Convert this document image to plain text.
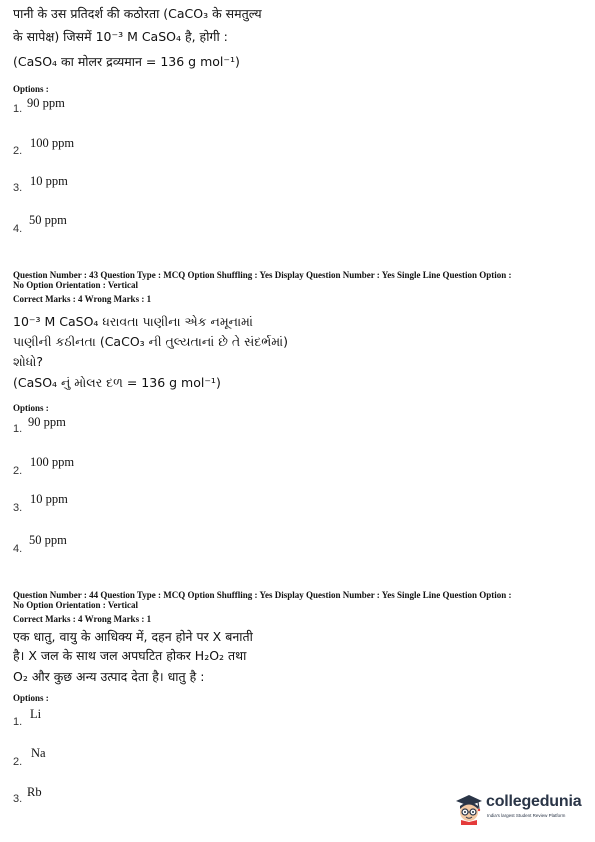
पानी के उस प्रतिदर्श की कठोरता (CaCO₃ के समतुल्य
के सापेक्ष) जिसमें 10⁻³ M CaSO₄ है, होगी :
(CaSO₄ का मोलर द्रव्यमान = 136 g mol⁻¹)
Options :
1. 90 ppm
2.
100 ppm
3. 10 ppm
4.
50 ppm
Question Number : 43 Question Type : MCQ Option Shuffling : Yes Display Question Number : Yes Single Line Question Option :
No Option Orientation : Vertical
Correct Marks : 4 Wrong Marks : 1
10⁻³ M CaSO₄ ધરાવતા પાણીના એક નમૂનામાં
પાણીની કઠીનતા (CaCO₃ ની તુલ્યતાનાં છે તે સંદર્ભમાં)
શોધો?
(CaSO₄ નું મોલર દળ = 136 g mol⁻¹)
Options :
1. 90 ppm
2.
100 ppm
3.
10 ppm
4.
50 ppm
Question Number : 44 Question Type : MCQ Option Shuffling : Yes Display Question Number : Yes Single Line Question Option :
No Option Orientation : Vertical
Correct Marks : 4 Wrong Marks : 1
एक धातु, वायु के आधिक्य में, दहन होने पर X बनाती
है। X जल के साथ जल अपघटित होकर H₂O₂ तथा
O₂ और कुछ अन्य उत्पाद देता है। धातु है :
Options :
1.
Li
2.
Na
3. Rb
collegedunia
India's largest Student Review Platform
